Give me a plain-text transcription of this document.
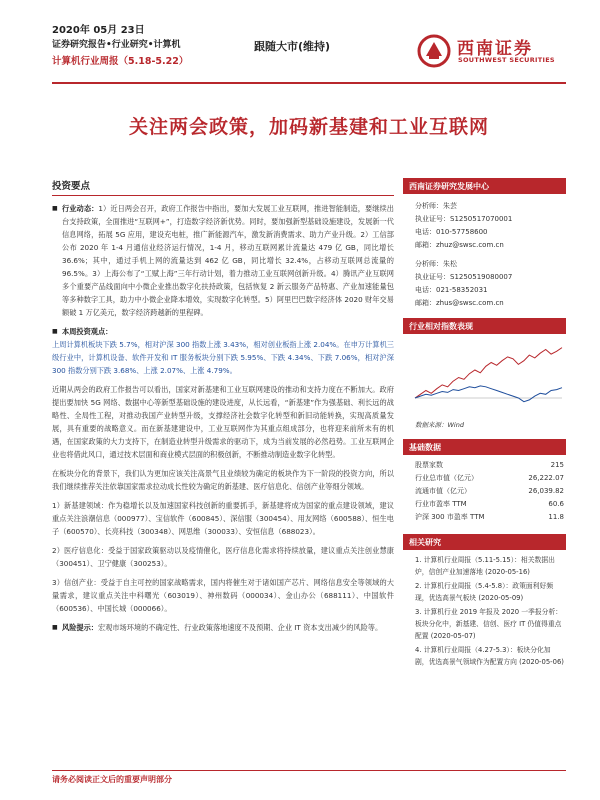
2020年 05月 23日
证券研究报告•行业研究•计算机
计算机行业周报（5.18-5.22）
跟随大市(维持)	西南证券
SOUTHWEST SECURITIES
关注两会政策，加码新基建和工业互联网
投资要点
■ 行业动态：1）近日两会召开，政府工作报告中指出，要加大发展工业互联网，推进智能制造，要继续出台支持政策，全面推进“互联网+”，打造数字经济新优势。同时，要加强新型基础设施建设，发展新一代信息网络，拓展 5G 应用，建设充电桩，推广新能源汽车，激发新消费需求、助力产业升级。2）工信部公布 2020 年 1-4 月通信业经济运行情况，1-4 月，移动互联网累计流量达 479 亿 GB，同比增长 36.6%；其中，通过手机上网的流量达到 462 亿 GB，同比增长 32.4%，占移动互联网总流量的 96.5%。3）上海公布了“工赋上海”三年行动计划，着力推动工业互联网创新升级。4）腾讯产业互联网多个重要产品线面向中小微企业推出数字化扶持政策，包括恢复 2 新云服务产品特惠、产业加速能量包等多种数字工具，助力中小微企业降本增效，实现数字化转型。5）阿里巴巴数字经济体 2020 财年交易额破 1 万亿美元，数字经济跨越新的里程碑。
■ 本周投资观点：
上周计算机板块下跌 5.7%，相对沪深 300 指数上涨 3.43%，相对创业板指上涨 2.04%。在申万计算机三级行业中，计算机设备、软件开发和 IT 服务板块分别下跌 5.95%、下跌 4.34%、下跌 7.06%，相对沪深 300 指数分别下跌 3.68%、上涨 2.07%、上涨 4.79%。
近期从两会的政府工作报告可以看出，国家对新基建和工业互联网建设的推动和支持力度在不断加大。政府提出要加快 5G 网络、数据中心等新型基础设施的建设进度，从长远看，“新基建”作为强基础、利长远的战略性、全局性工程，对推动我国产业转型升级，支撑经济社会数字化转型和新旧动能转换，实现高质量发展，具有重要的战略意义。而在新基建建设中，工业互联网作为其重点组成部分，也将迎来前所未有的机遇，在国家政策的大力支持下，在制造业转型升级需求的驱动下，成为当前发展的必然趋势。工业互联网企业也将借此风口，通过技术层面和商业模式层面的积极创新，不断推动制造业数字化转型。
在板块分化的背景下，我们认为更加应该关注高景气且业绩较为确定的板块作为下一阶段的投资方向，所以我们继续推荐关注依靠国家需求拉动成长性较为确定的新基建、医疗信息化、信创产业等细分领域。
1）新基建领域：作为稳增长以及加速国家科技创新的重要抓手，新基建将成为国家的重点建设领域，建议重点关注浪潮信息（000977）、宝信软件（600845）、深信服（300454）、用友网络（600588）、恒生电子（600570）、长亮科技（300348）、网思维（300033）、安恒信息（688023）。
2）医疗信息化：受益于国家政策驱动以及疫情催化，医疗信息化需求将持续放量，建议重点关注创业慧康（300451）、卫宁健康（300253）。
3）信创产业：受益于自主可控的国家战略需求，国内将催生对于诸如国产芯片、网络信息安全等领域的大量需求，建议重点关注中科曙光（603019）、神州数码（000034）、金山办公（688111）、中国软件（600536）、中国长城（000066）。
■ 风险提示：宏观市场环境的不确定性、行业政策落地速度不及预期、企业 IT 资本支出减少的风险等。
西南证券研究发展中心
分析师：朱芸
执业证号：S1250517070001
电话：010-57758600
邮箱：zhuz@swsc.com.cn
分析师：朱松
执业证号：S1250519080007
电话：021-58352031
邮箱：zhus@swsc.com.cn
行业相对指数表现
数据来源：Wind
基础数据
股票家数	215
行业总市值（亿元）	26,222.07
流通市值（亿元）	26,039.82
行业市盈率 TTM	60.6
沪深 300 市盈率 TTM	11.8
相关研究
1. 计算机行业周报（5.11-5.15）：相关数据出炉，信创产业加速落地 (2020-05-16)
2. 计算机行业周报（5.4-5.8）：政策面利好频现，优选高景气板块 (2020-05-09)
3. 计算机行业 2019 年报及 2020 一季报分析：板块分化中，新基建、信创、医疗 IT 仍值得重点配置 (2020-05-07)
4. 计算机行业周报（4.27-5.3）：板块分化加剧，优选高景气领域作为配置方向 (2020-05-06)
请务必阅读正文后的重要声明部分
